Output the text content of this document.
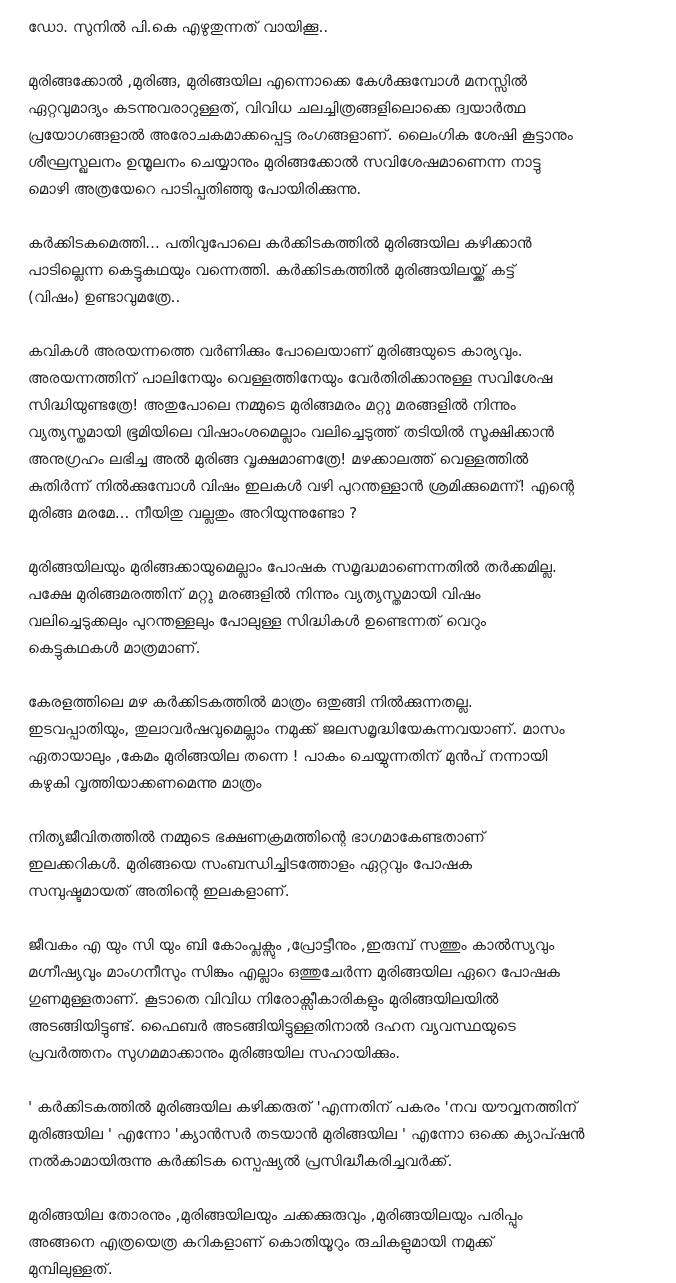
ഡോ. സുനിൽ പി.കെ എഴുതുന്നത് വായിക്കൂ..

മുരിങ്ങക്കോൽ ,മുരിങ്ങ, മുരിങ്ങയില എന്നൊക്കെ കേൾക്കുമ്പോൾ മനസ്സിൽ
ഏറ്റവുമാദ്യം കടന്നുവരാറുള്ളത്, വിവിധ ചലച്ചിത്രങ്ങളിലൊക്കെ ദ്വയാർത്ഥ
പ്രയോഗങ്ങളാൽ അരോചകമാക്കപ്പെട്ട രംഗങ്ങളാണ്. ലൈംഗിക ശേഷി കൂട്ടാനും
ശീഘ്രസ്ഖലനം ഉന്മൂലനം ചെയ്യാനും മുരിങ്ങക്കോൽ സവിശേഷമാണെന്ന നാട്ടു
മൊഴി അത്രയേറെ പാടിപ്പതിഞ്ഞു പോയിരിക്കുന്നു.

കർക്കിടകമെത്തി... പതിവുപോലെ കർക്കിടകത്തിൽ മുരിങ്ങയില കഴിക്കാൻ
പാടില്ലെന്ന കെട്ടുകഥയും വന്നെത്തി. കർക്കിടകത്തിൽ മുരിങ്ങയിലയ്ക്ക് കട്ട്
(വിഷം) ഉണ്ടാവുമത്രേ..

കവികൾ അരയന്നത്തെ വർണിക്കും പോലെയാണ് മുരിങ്ങയുടെ കാര്യവും.
അരയന്നത്തിന് പാലിനേയും വെള്ളത്തിനേയും വേർതിരിക്കാനുള്ള സവിശേഷ
സിദ്ധിയുണ്ടത്രേ! അതുപോലെ നമ്മുടെ മുരിങ്ങമരം മറ്റു മരങ്ങളിൽ നിന്നും
വ്യത്യസ്തമായി ഭൂമിയിലെ വിഷാംശമെല്ലാം വലിച്ചെടുത്ത് തടിയിൽ സൂക്ഷിക്കാൻ
അനുഗ്രഹം ലഭിച്ച അൽ മുരിങ്ങ വൃക്ഷമാണത്രേ! മഴക്കാലത്ത് വെള്ളത്തിൽ
കുതിർന്ന് നിൽക്കുമ്പോൾ വിഷം ഇലകൾ വഴി പുറന്തള്ളാൻ ശ്രമിക്കുമെന്ന്! എന്റെ
മുരിങ്ങ മരമേ... നീയിതു വല്ലതും അറിയുന്നുണ്ടോ ?

മുരിങ്ങയിലയും മുരിങ്ങക്കായുമെല്ലാം പോഷക സമൃദ്ധമാണെന്നതിൽ തർക്കമില്ല.
പക്ഷേ മുരിങ്ങമരത്തിന് മറ്റു മരങ്ങളിൽ നിന്നും വ്യത്യസ്തമായി വിഷം
വലിച്ചെടുക്കലും പുറന്തള്ളലും പോലുള്ള സിദ്ധികൾ ഉണ്ടെന്നത് വെറും
കെട്ടുകഥകൾ മാത്രമാണ്.

കേരളത്തിലെ മഴ കർക്കിടകത്തിൽ മാത്രം ഒതുങ്ങി നിൽക്കുന്നതല്ല.
ഇടവപ്പാതിയും, തുലാവർഷവുമെല്ലാം നമുക്ക് ജലസമൃദ്ധിയേകുന്നവയാണ്. മാസം
ഏതായാലും ,കേമം മുരിങ്ങയില തന്നെ ! പാകം ചെയ്യുന്നതിന് മുൻപ് നന്നായി
കഴുകി വൃത്തിയാക്കണമെന്നു മാത്രം

നിത്യജീവിതത്തിൽ നമ്മുടെ ഭക്ഷണക്രമത്തിന്റെ ഭാഗമാകേണ്ടതാണ്
ഇലക്കറികൾ. മുരിങ്ങയെ സംബന്ധിച്ചിടത്തോളം ഏറ്റവും പോഷക
സമ്പുഷ്ടമായത് അതിന്റെ ഇലകളാണ്.

ജീവകം എ യും സി യും ബി കോംപ്ലക്സും ,പ്രോട്ടീനും ,ഇരുമ്പ് സത്തും കാൽസ്യവും
മഗ്നീഷ്യവും മാംഗനീസും സിങ്കും എല്ലാം ഒത്തുചേർന്ന മുരിങ്ങയില ഏറെ പോഷക
ഗുണമുള്ളതാണ്. കൂടാതെ വിവിധ നിരോക്സീകാരികളും മുരിങ്ങയിലയിൽ
അടങ്ങിയിട്ടുണ്ട്. ഫൈബർ അടങ്ങിയിട്ടുള്ളതിനാൽ ദഹന വ്യവസ്ഥയുടെ
പ്രവർത്തനം സുഗമമാക്കാനും മുരിങ്ങയില സഹായിക്കും.

' കർക്കിടകത്തിൽ മുരിങ്ങയില കഴിക്കരുത് 'എന്നതിന് പകരം 'നവ യൗവ്വനത്തിന്
മുരിങ്ങയില ' എന്നോ 'ക്യാൻസർ തടയാൻ മുരിങ്ങയില ' എന്നോ ഒക്കെ ക്യാപ്ഷൻ
നൽകാമായിരുന്നു കർക്കിടക സ്പെഷ്യൽ പ്രസിദ്ധീകരിച്ചവർക്ക്.

മുരിങ്ങയില തോരനും ,മുരിങ്ങയിലയും ചക്കക്കുരുവും ,മുരിങ്ങയിലയും പരിപ്പും
അങ്ങനെ എത്രയെത്ര കറികളാണ് കൊതിയൂറും രുചികളുമായി നമുക്ക്
മുമ്പിലുള്ളത്.
